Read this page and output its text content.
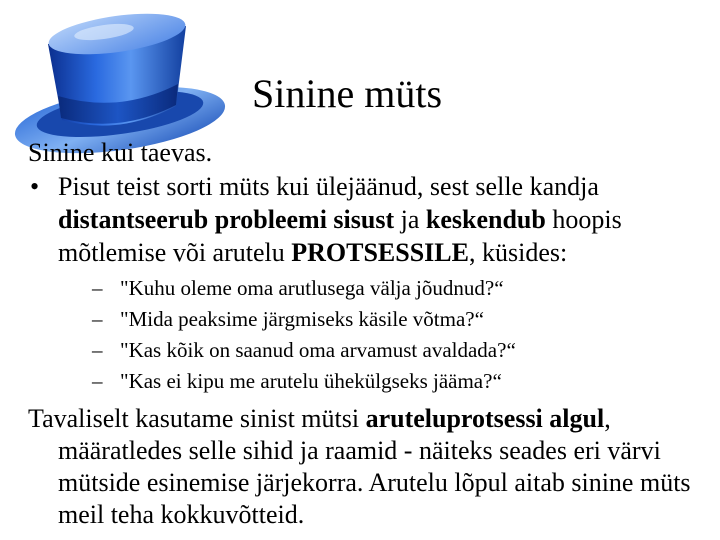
Sinine müts

Sinine kui taevas.

• Pisut teist sorti müts kui ülejäänud, sest selle kandja distantseerub probleemi sisust ja keskendub hoopis mõtlemise või arutelu PROTSESSILE, küsides:
– "Kuhu oleme oma arutlusega välja jõudnud?“
– "Mida peaksime järgmiseks käsile võtma?“
– "Kas kõik on saanud oma arvamust avaldada?“
– "Kas ei kipu me arutelu ühekülgseks jääma?“

Tavaliselt kasutame sinist mütsi aruteluprotsessi algul, määratledes selle sihid ja raamid - näiteks seades eri värvi mütside esinemise järjekorra. Arutelu lõpul aitab sinine müts meil teha kokkuvõtteid.
